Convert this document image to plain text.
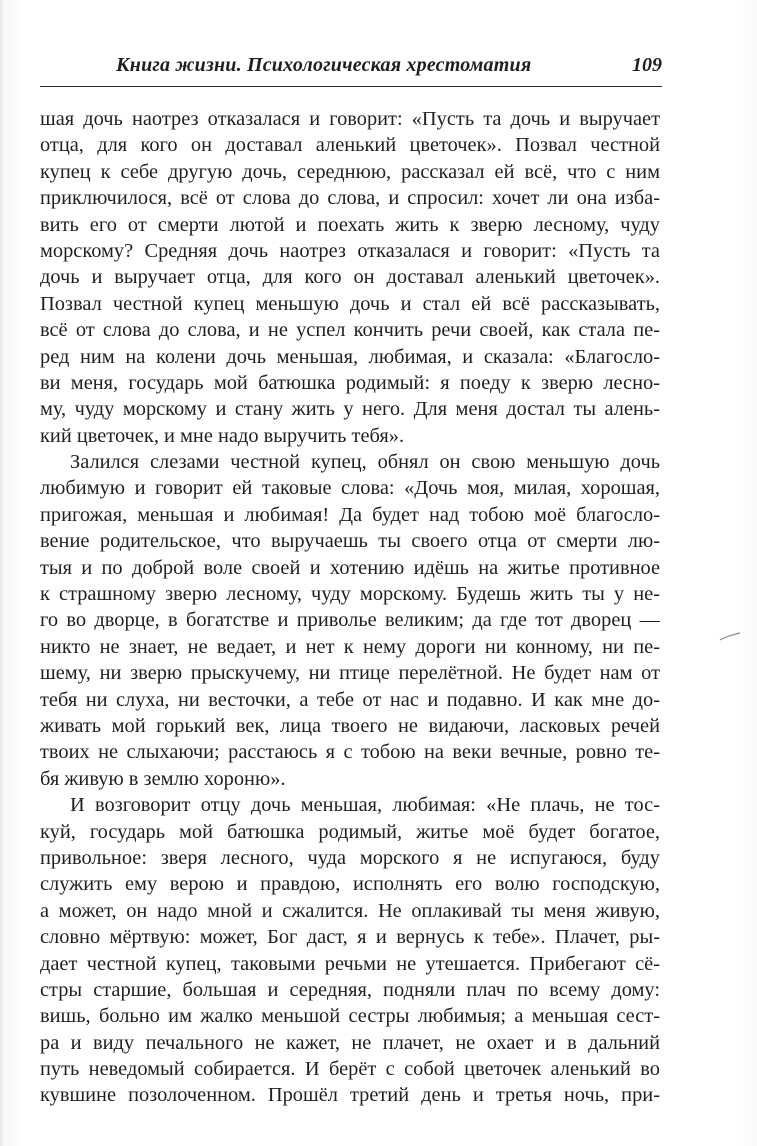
Книга жизни. Психологическая хрестоматия	109
шая дочь наотрез отказалася и говорит: «Пусть та дочь и выручает
отца, для кого он доставал аленький цветочек». Позвал честной
купец к себе другую дочь, середнюю, рассказал ей всё, что с ним
приключилося, всё от слова до слова, и спросил: хочет ли она изба-
вить его от смерти лютой и поехать жить к зверю лесному, чуду
морскому? Средняя дочь наотрез отказалася и говорит: «Пусть та
дочь и выручает отца, для кого он доставал аленький цветочек».
Позвал честной купец меньшую дочь и стал ей всё рассказывать,
всё от слова до слова, и не успел кончить речи своей, как стала пе-
ред ним на колени дочь меньшая, любимая, и сказала: «Благосло-
ви меня, государь мой батюшка родимый: я поеду к зверю лесно-
му, чуду морскому и стану жить у него. Для меня достал ты алень-
кий цветочек, и мне надо выручить тебя».
Залился слезами честной купец, обнял он свою меньшую дочь
любимую и говорит ей таковые слова: «Дочь моя, милая, хорошая,
пригожая, меньшая и любимая! Да будет над тобою моё благосло-
вение родительское, что выручаешь ты своего отца от смерти лю-
тыя и по доброй воле своей и хотению идёшь на житье противное
к страшному зверю лесному, чуду морскому. Будешь жить ты у не-
го во дворце, в богатстве и приволье великим; да где тот дворец —
никто не знает, не ведает, и нет к нему дороги ни конному, ни пе-
шему, ни зверю прыскучему, ни птице перелётной. Не будет нам от
тебя ни слуха, ни весточки, а тебе от нас и подавно. И как мне до-
живать мой горький век, лица твоего не видаючи, ласковых речей
твоих не слыхаючи; расстаюсь я с тобою на веки вечные, ровно те-
бя живую в землю хороню».
И возговорит отцу дочь меньшая, любимая: «Не плачь, не тос-
куй, государь мой батюшка родимый, житье моё будет богатое,
привольное: зверя лесного, чуда морского я не испугаюся, буду
служить ему верою и правдою, исполнять его волю господскую,
а может, он надо мной и сжалится. Не оплакивай ты меня живую,
словно мёртвую: может, Бог даст, я и вернусь к тебе». Плачет, ры-
дает честной купец, таковыми речьми не утешается. Прибегают сё-
стры старшие, большая и середняя, подняли плач по всему дому:
вишь, больно им жалко меньшой сестры любимыя; а меньшая сест-
ра и виду печального не кажет, не плачет, не охает и в дальний
путь неведомый собирается. И берёт с собой цветочек аленький во
кувшине позолоченном. Прошёл третий день и третья ночь, при-
